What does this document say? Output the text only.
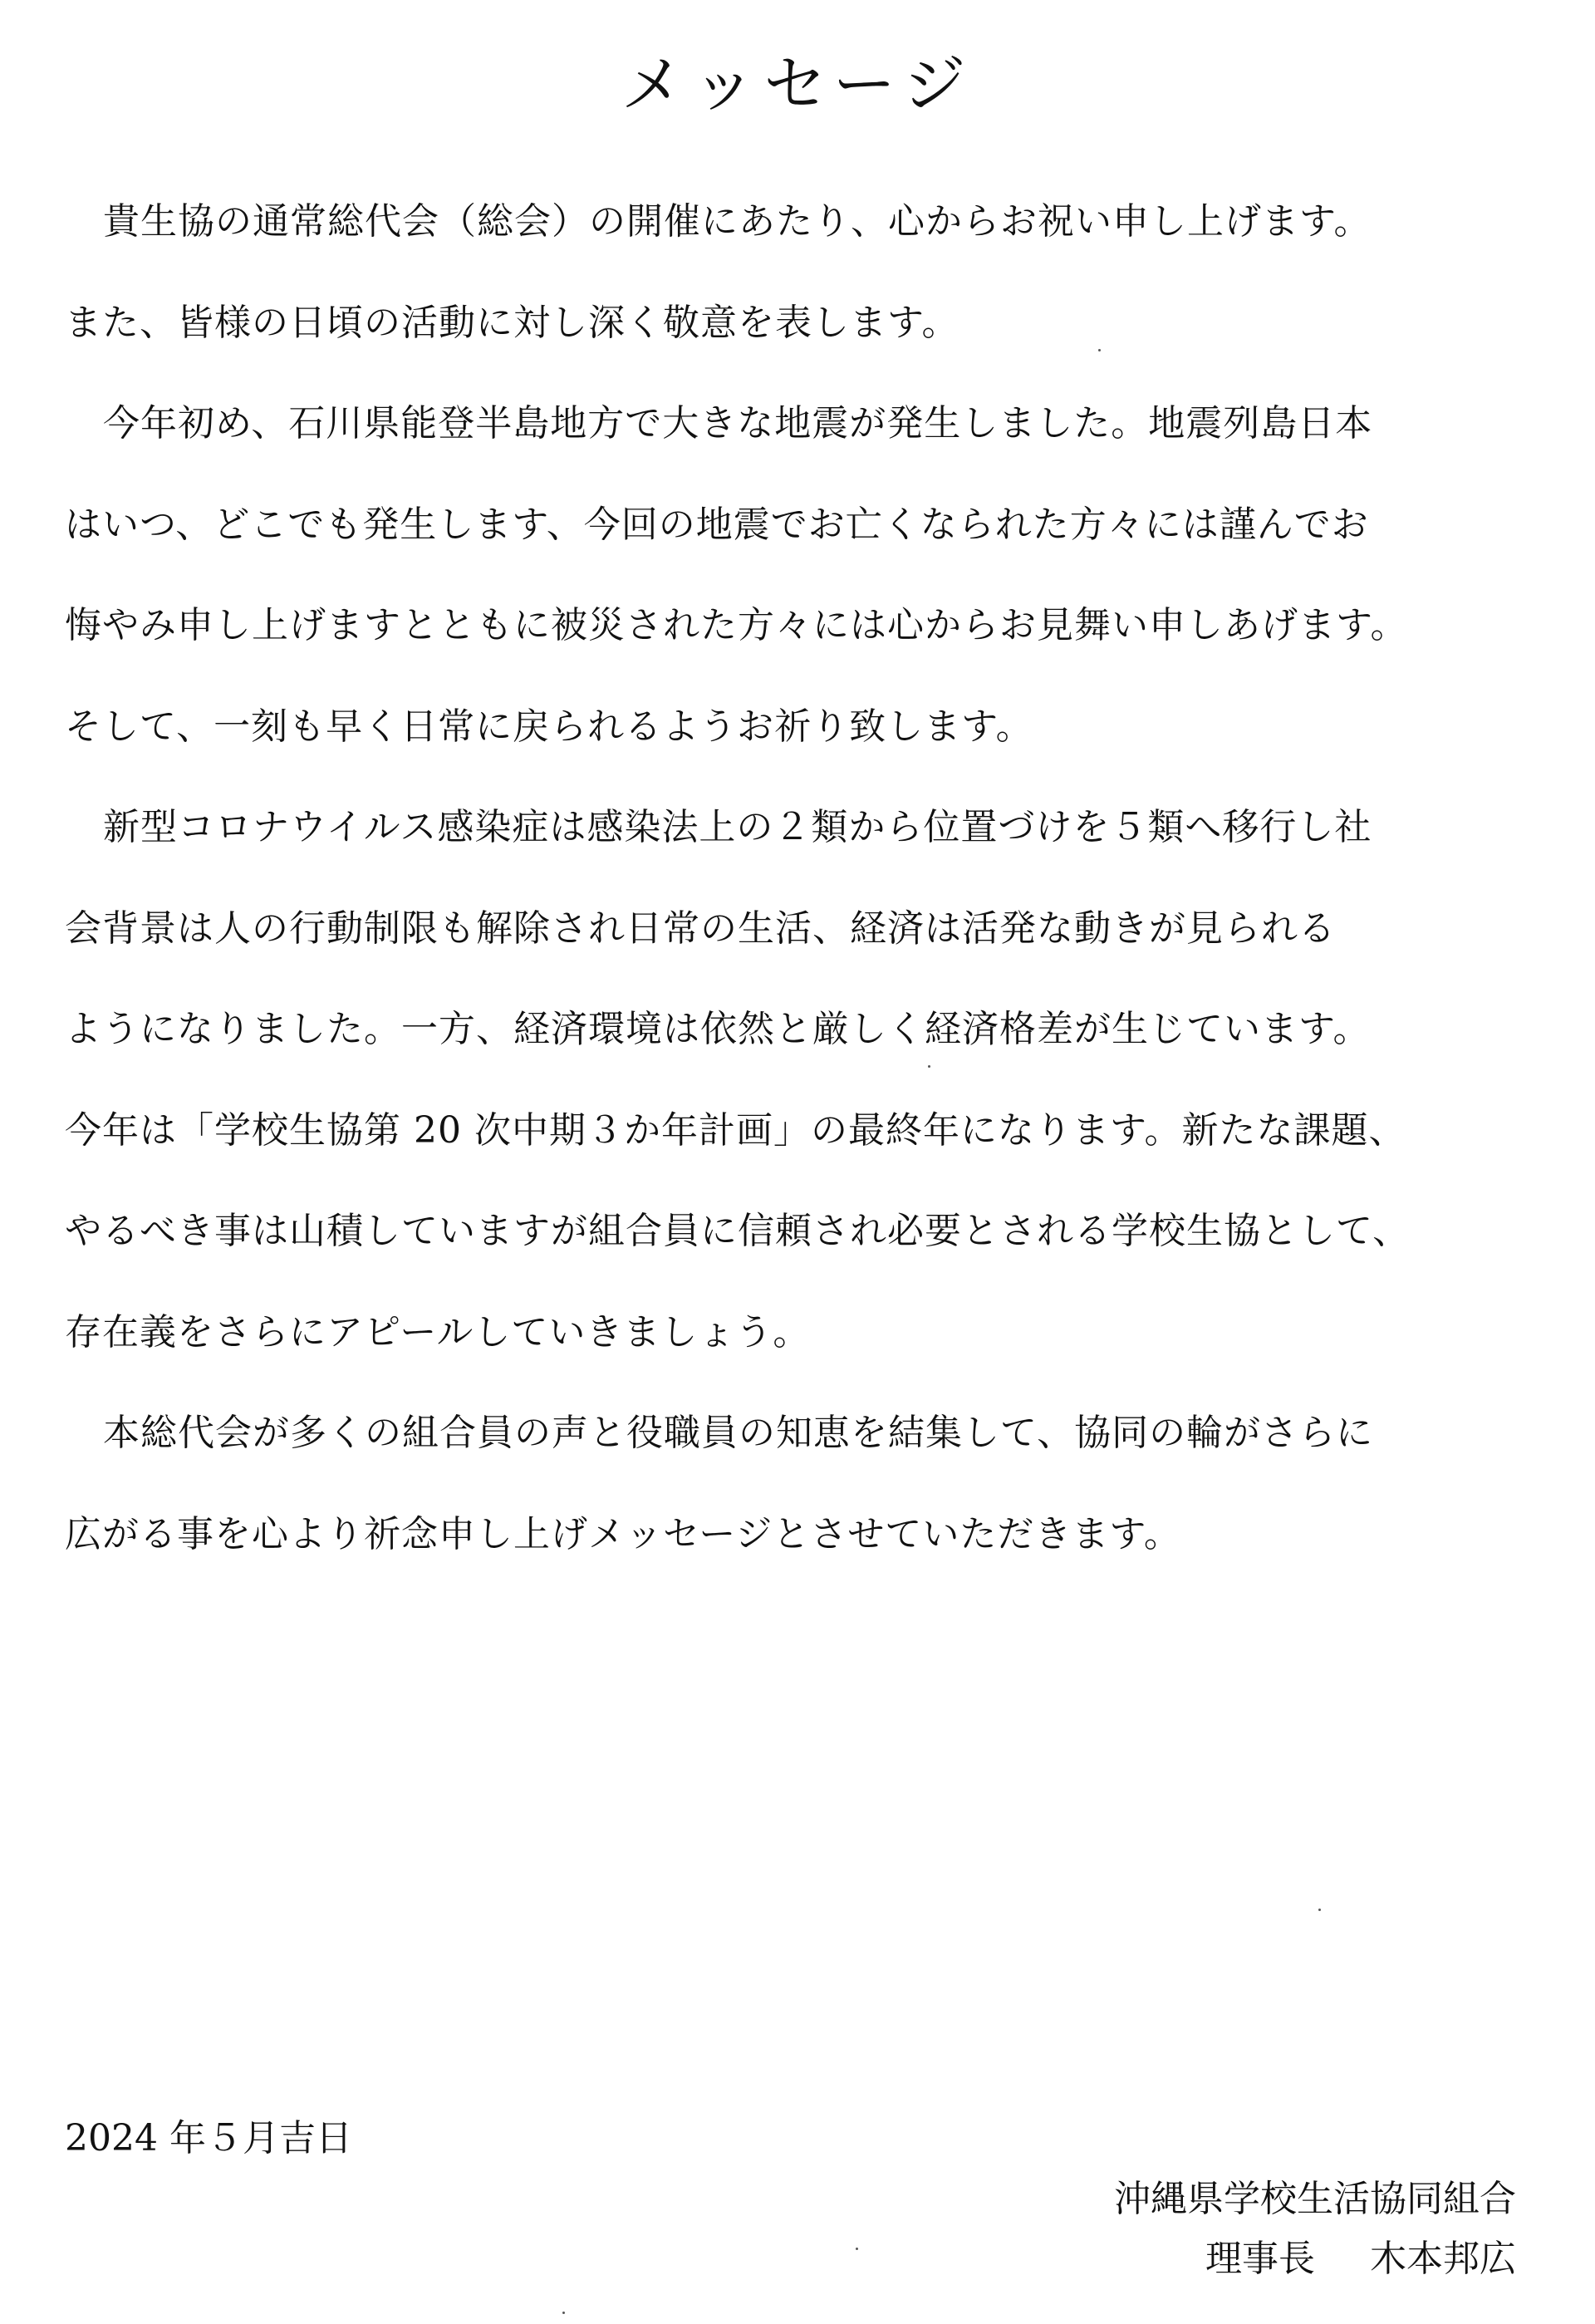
メッセージ
貴生協の通常総代会（総会）の開催にあたり、心からお祝い申し上げます。
また、皆様の日頃の活動に対し深く敬意を表します。
今年初め、石川県能登半島地方で大きな地震が発生しました。地震列島日本
はいつ、どこでも発生します、今回の地震でお亡くなられた方々には謹んでお
悔やみ申し上げますとともに被災された方々には心からお見舞い申しあげます。
そして、一刻も早く日常に戻られるようお祈り致します。
新型コロナウイルス感染症は感染法上の２類から位置づけを５類へ移行し社
会背景は人の行動制限も解除され日常の生活、経済は活発な動きが見られる
ようになりました。一方、経済環境は依然と厳しく経済格差が生じています。
今年は「学校生協第 20 次中期３か年計画」の最終年になります。新たな課題、
やるべき事は山積していますが組合員に信頼され必要とされる学校生協として、
存在義をさらにアピールしていきましょう。
本総代会が多くの組合員の声と役職員の知恵を結集して、協同の輪がさらに
広がる事を心より祈念申し上げメッセージとさせていただきます。
2024 年５月吉日
沖縄県学校生活協同組合
理事長 木本邦広
